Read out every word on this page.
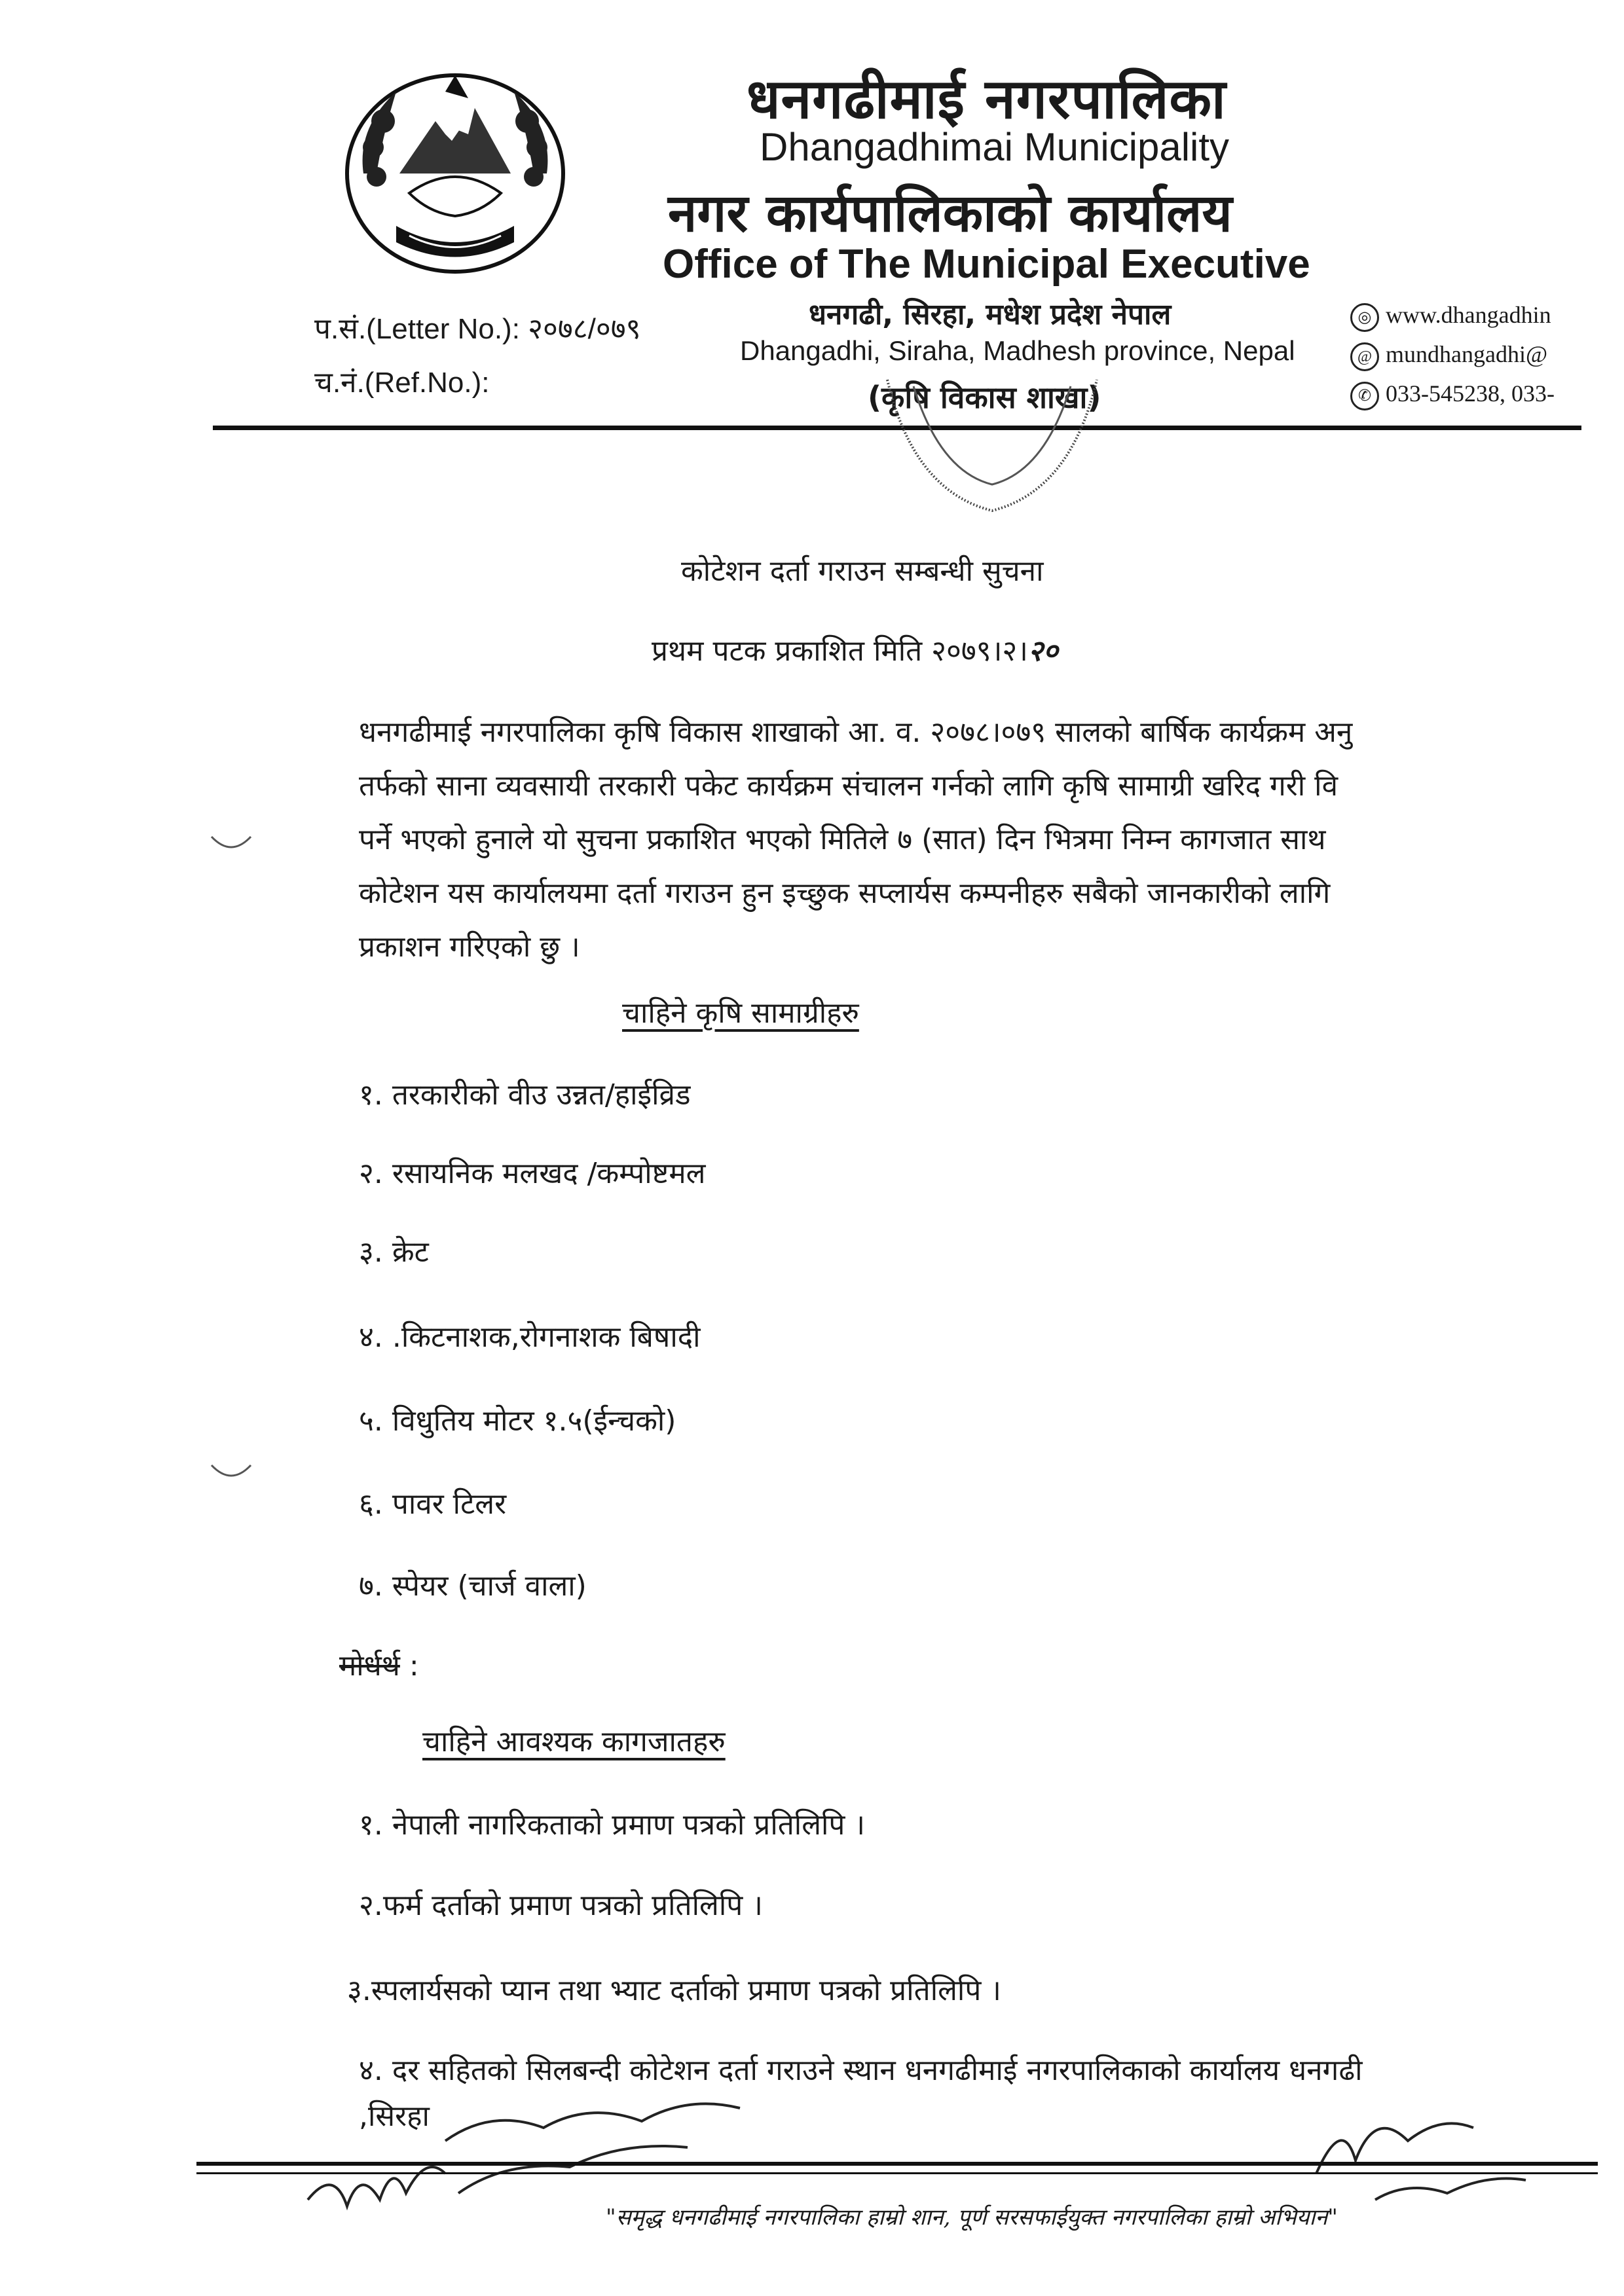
धनगढीमाई नगरपालिका
Dhangadhimai Municipality
नगर कार्यपालिकाको कार्यालय
Office of The Municipal Executive
धनगढी, सिरहा, मधेश प्रदेश नेपाल
Dhangadhi, Siraha, Madhesh province, Nepal
(कृषि विकास शाखा)
प.सं.(Letter No.): २०७८/०७९
च.नं.(Ref.No.):
◎ www.dhangadhin
@ mundhangadhi@
✆ 033-545238, 033-
कोटेशन दर्ता गराउन सम्बन्धी सुचना
प्रथम पटक प्रकाशित मिति २०७९।२।२०

धनगढीमाई नगरपालिका कृषि विकास शाखाको आ. व. २०७८।०७९ सालको बार्षिक कार्यक्रम अनु

तर्फको साना व्यवसायी तरकारी पकेट कार्यक्रम संचालन गर्नको लागि कृषि सामाग्री खरिद गरी वि

पर्ने भएको हुनाले यो सुचना प्रकाशित भएको मितिले ७ (सात) दिन भित्रमा निम्न कागजात साथ

कोटेशन यस कार्यालयमा दर्ता गराउन हुन इच्छुक सप्लार्यस कम्पनीहरु सबैको जानकारीको लागि

प्रकाशन गरिएको छु ।

चाहिने कृषि सामाग्रीहरु
१. तरकारीको वीउ उन्नत/हाईव्रिड
२. रसायनिक मलखद /कम्पोष्टमल
३. क्रेट
४. .किटनाशक,रोगनाशक बिषादी
५. विधुतिय मोटर १.५(ईन्चको)
६. पावर टिलर
७. स्पेयर (चार्ज वाला)
मोर्धर्थ :
चाहिने आवश्यक कागजातहरु
१. नेपाली नागरिकताको प्रमाण पत्रको प्रतिलिपि ।
२.फर्म दर्ताको प्रमाण पत्रको प्रतिलिपि ।
३.स्पलार्यसको प्यान तथा भ्याट दर्ताको प्रमाण पत्रको प्रतिलिपि ।
४. दर सहितको सिलबन्दी कोटेशन दर्ता गराउने स्थान धनगढीमाई नगरपालिकाको कार्यालय धनगढी
,सिरहा
"समृद्ध धनगढीमाई नगरपालिका हाम्रो शान, पूर्ण सरसफाईयुक्त नगरपालिका हाम्रो अभियान"
